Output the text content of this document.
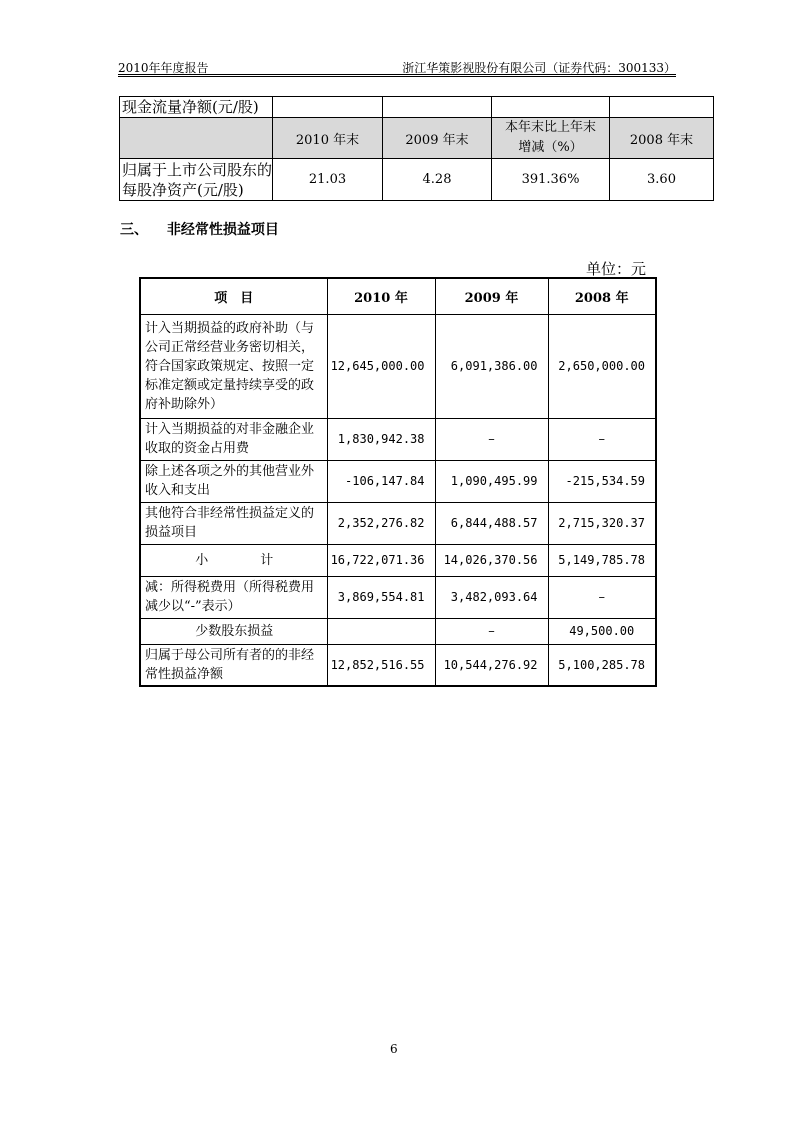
2010年年度报告	浙江华策影视股份有限公司（证券代码：300133）
现金流量净额(元/股)				
	2010 年末	2009 年末	本年末比上年末增减（%）	2008 年末
归属于上市公司股东的每股净资产(元/股)	21.03	4.28	391.36%	3.60
三、 非经常性损益项目
单位：元
项　目	2010 年	2009 年	2008 年
计入当期损益的政府补助（与公司正常经营业务密切相关，符合国家政策规定、按照一定标准定额或定量持续享受的政府补助除外）	12,645,000.00	6,091,386.00	2,650,000.00
计入当期损益的对非金融企业收取的资金占用费	1,830,942.38	–	–
除上述各项之外的其他营业外收入和支出	-106,147.84	1,090,495.99	-215,534.59
其他符合非经常性损益定义的损益项目	2,352,276.82	6,844,488.57	2,715,320.37
小　　　　计	16,722,071.36	14,026,370.56	5,149,785.78
减：所得税费用（所得税费用减少以“-”表示）	3,869,554.81	3,482,093.64	–
少数股东损益		–	49,500.00
归属于母公司所有者的的非经常性损益净额	12,852,516.55	10,544,276.92	5,100,285.78
6
